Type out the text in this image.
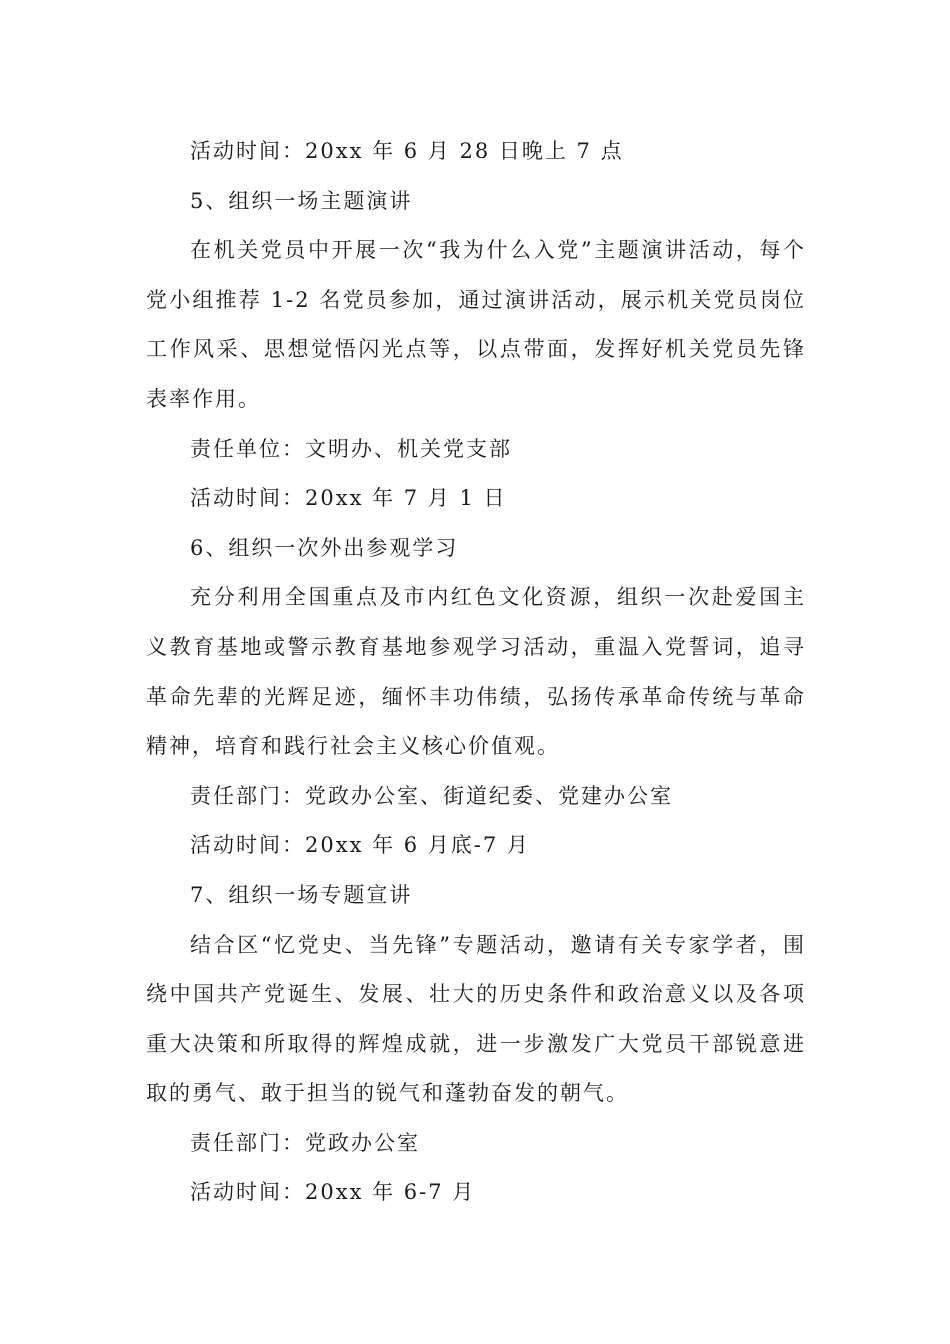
活动时间：20xx 年 6 月 28 日晚上 7 点

5、组织一场主题演讲

在机关党员中开展一次“我为什么入党”主题演讲活动，每个党小组推荐 1-2 名党员参加，通过演讲活动，展示机关党员岗位工作风采、思想觉悟闪光点等，以点带面，发挥好机关党员先锋表率作用。

责任单位：文明办、机关党支部

活动时间：20xx 年 7 月 1 日

6、组织一次外出参观学习

充分利用全国重点及市内红色文化资源，组织一次赴爱国主义教育基地或警示教育基地参观学习活动，重温入党誓词，追寻革命先辈的光辉足迹，缅怀丰功伟绩，弘扬传承革命传统与革命精神，培育和践行社会主义核心价值观。

责任部门：党政办公室、街道纪委、党建办公室

活动时间：20xx 年 6 月底-7 月

7、组织一场专题宣讲

结合区“忆党史、当先锋”专题活动，邀请有关专家学者，围绕中国共产党诞生、发展、壮大的历史条件和政治意义以及各项重大决策和所取得的辉煌成就，进一步激发广大党员干部锐意进取的勇气、敢于担当的锐气和蓬勃奋发的朝气。

责任部门：党政办公室

活动时间：20xx 年 6-7 月
